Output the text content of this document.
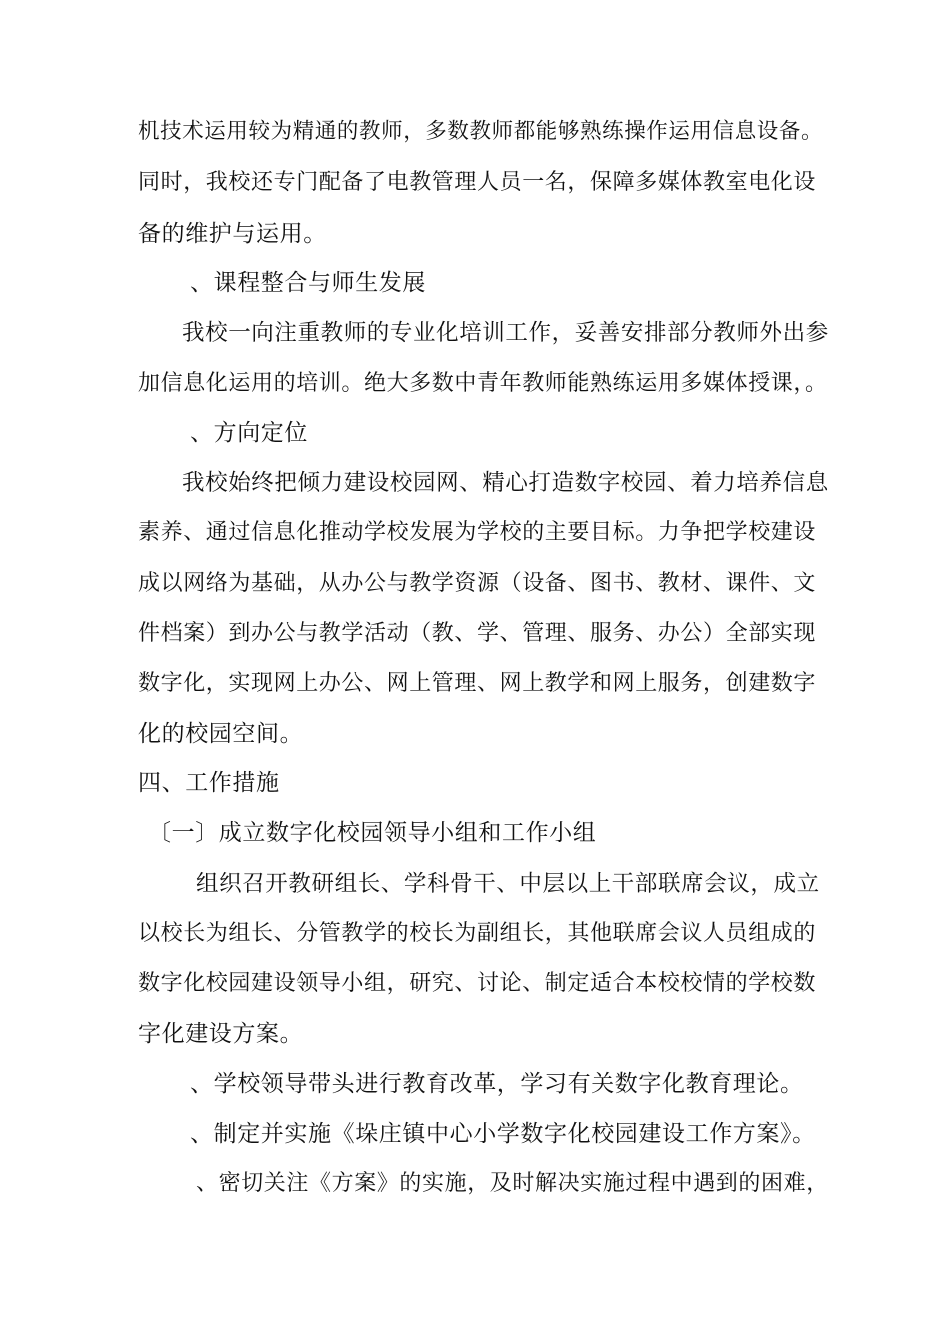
机技术运用较为精通的教师，多数教师都能够熟练操作运用信息设备。
同时，我校还专门配备了电教管理人员一名，保障多媒体教室电化设
备的维护与运用。
、课程整合与师生发展
我校一向注重教师的专业化培训工作，妥善安排部分教师外出参
加信息化运用的培训。绝大多数中青年教师能熟练运用多媒体授课，。
、方向定位
我校始终把倾力建设校园网、精心打造数字校园、着力培养信息
素养、通过信息化推动学校发展为学校的主要目标。力争把学校建设
成以网络为基础，从办公与教学资源（设备、图书、教材、课件、文
件档案）到办公与教学活动（教、学、管理、服务、办公）全部实现
数字化，实现网上办公、网上管理、网上教学和网上服务，创建数字
化的校园空间。
四、工作措施
〔一〕成立数字化校园领导小组和工作小组
组织召开教研组长、学科骨干、中层以上干部联席会议，成立
以校长为组长、分管教学的校长为副组长，其他联席会议人员组成的
数字化校园建设领导小组，研究、讨论、制定适合本校校情的学校数
字化建设方案。
、学校领导带头进行教育改革，学习有关数字化教育理论。
、制定并实施《垛庄镇中心小学数字化校园建设工作方案》。
、密切关注《方案》的实施，及时解决实施过程中遇到的困难，
